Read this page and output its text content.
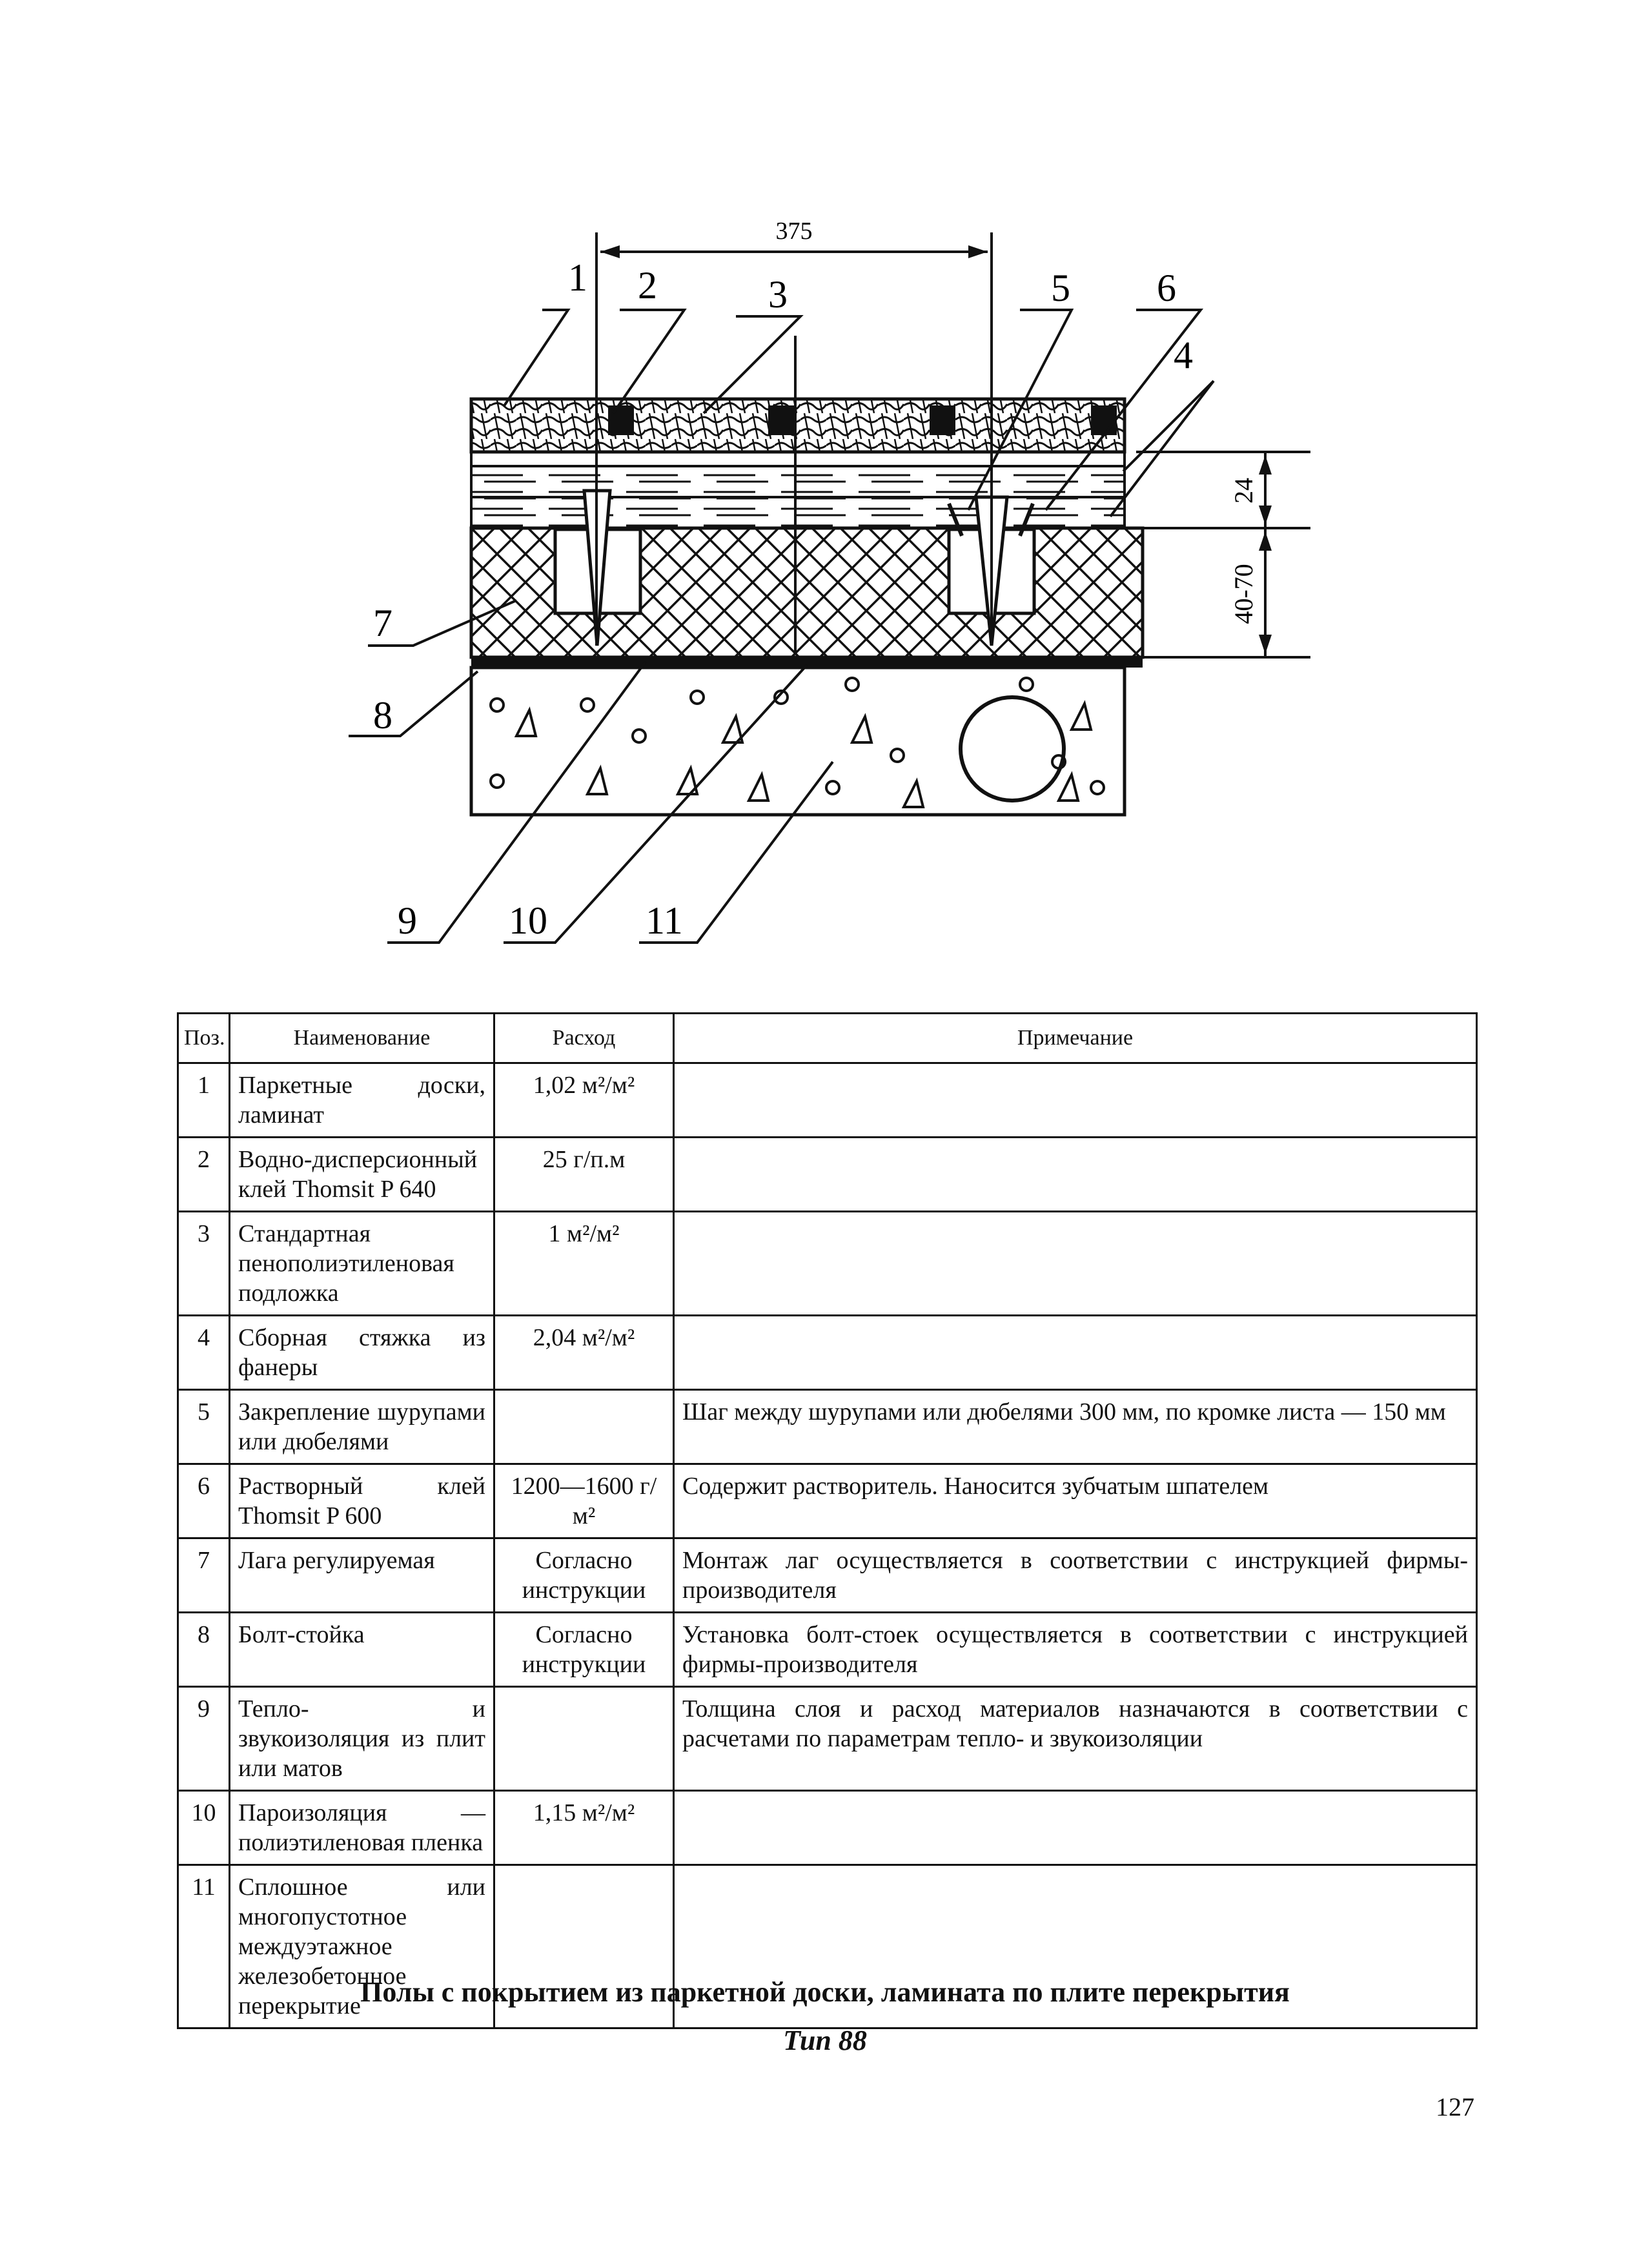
375
24
40-70
1 2	3	5 6
4
7
8
9 10	11
Поз.	Наименование	Расход	Примечание
1	Паркетные доски, ламинат	1,02 м²/м²	
2	Водно-дисперсионный клей Thomsit P 640	25 г/п.м	
3	Стандартная пенополиэтиленовая подложка	1 м²/м²	
4	Сборная стяжка из фанеры	2,04 м²/м²	
5	Закрепление шурупами или дюбелями		Шаг между шурупами или дюбелями 300 мм, по кромке листа — 150 мм
6	Растворный клей Thomsit P 600	1200—1600 г/м²	Содержит растворитель. Наносится зубчатым шпателем
7	Лага регулируемая	Согласно инструкции	Монтаж лаг осуществляется в соответствии с инструкцией фирмы-производителя
8	Болт-стойка	Согласно инструкции	Установка болт-стоек осуществляется в соответствии с инструкцией фирмы-производителя
9	Тепло- и звукоизоляция из плит или матов		Толщина слоя и расход материалов назначаются в соответствии с расчетами по параметрам тепло- и звукоизоляции
10	Пароизоляция — полиэтиленовая пленка	1,15 м²/м²	
11	Сплошное или многопустотное междуэтажное железобетонное перекрытие		Полы с покрытием из паркетной доски, ламината по плите перекрытия
Тип 88
127
